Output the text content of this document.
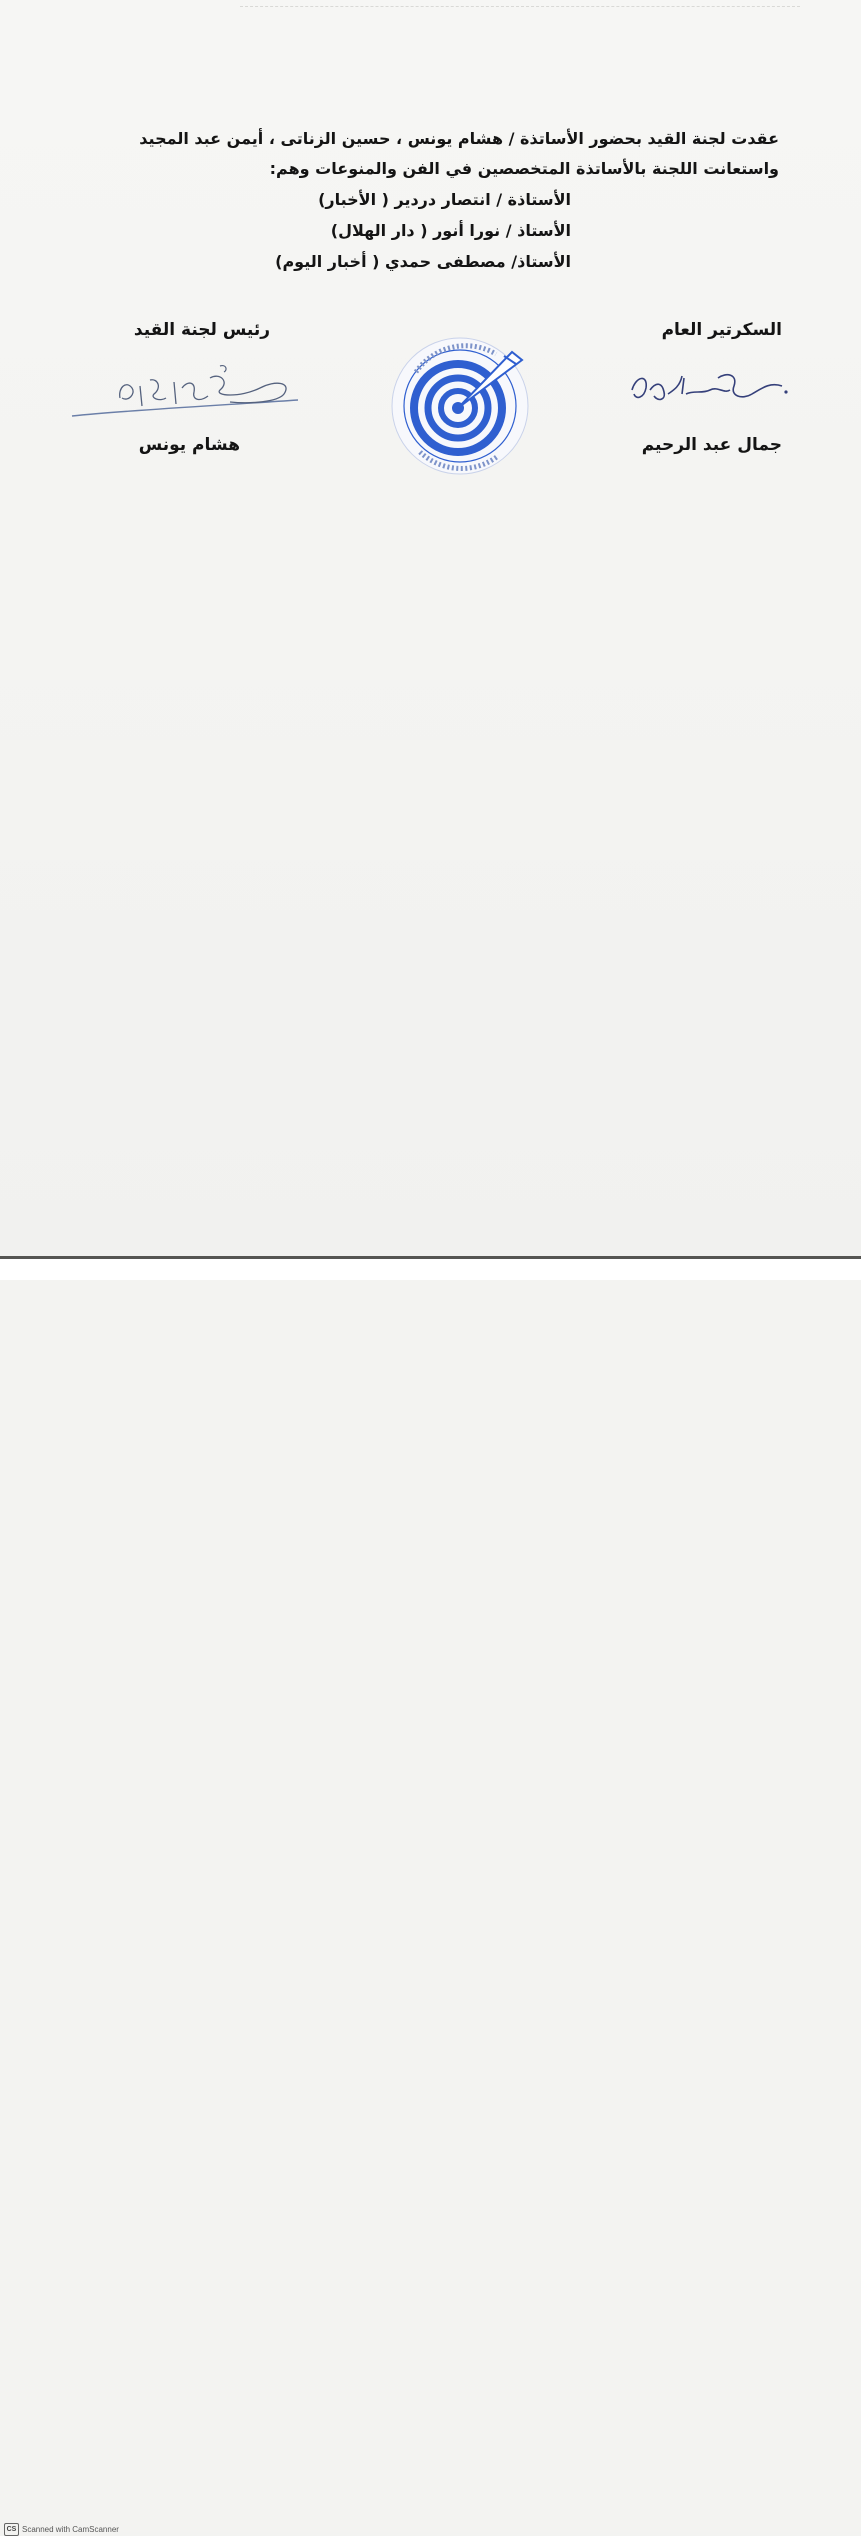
عقدت لجنة القيد بحضور الأساتذة / هشام يونس ، حسين الزناتى ، أيمن عبد المجيد
واستعانت اللجنة بالأساتذة المتخصصين في الفن والمنوعات وهم:
الأستاذة / انتصار دردير ( الأخبار)
الأستاذ / نورا أنور ( دار الهلال)
الأستاذ/ مصطفى حمدي ( أخبار اليوم)
رئيس لجنة القيد
هشام يونس
السكرتير العام
جمال عبد الرحيم
CS Scanned with CamScanner
